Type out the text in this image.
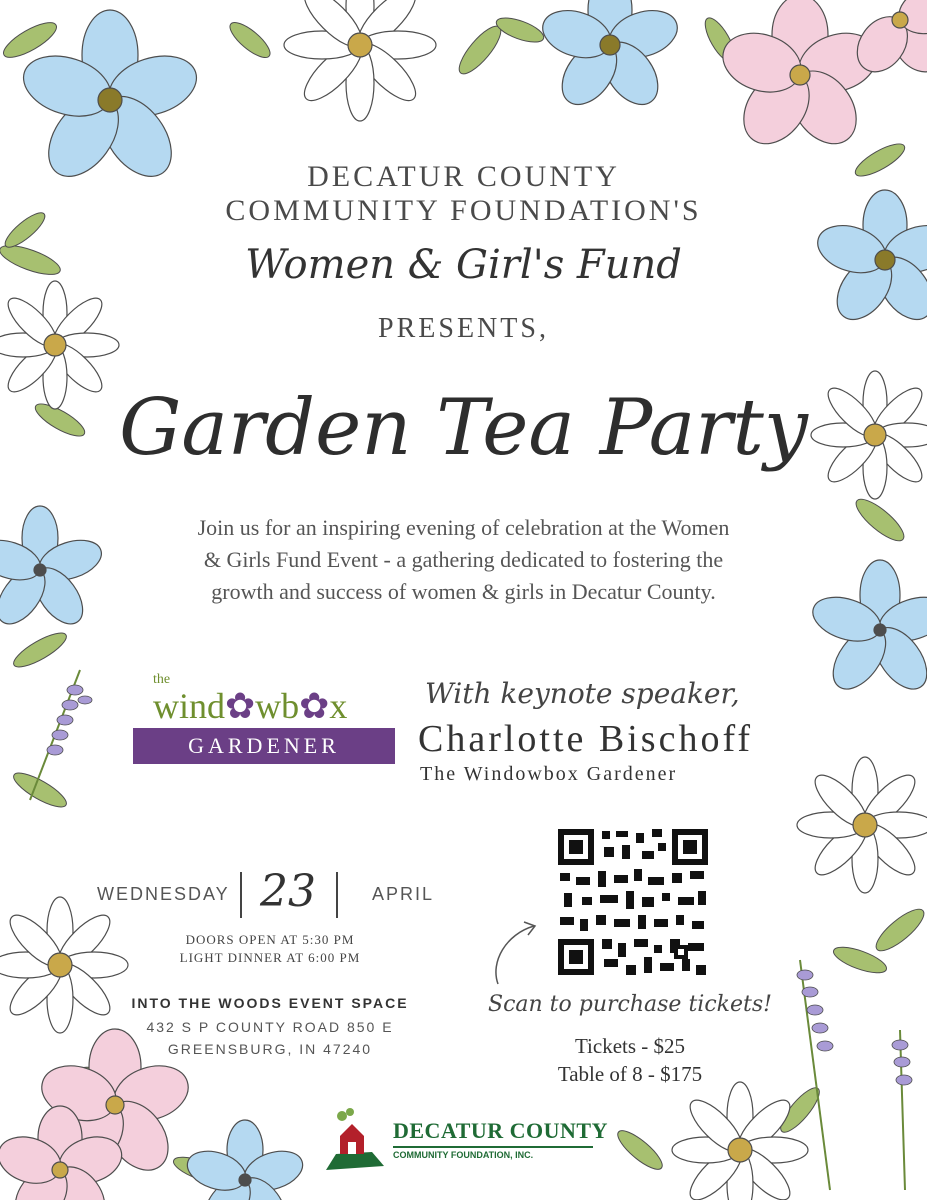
DECATUR COUNTY
COMMUNITY FOUNDATION'S
Women & Girl's Fund
PRESENTS,
Garden Tea Party
Join us for an inspiring evening of celebration at the Women
& Girls Fund Event - a gathering dedicated to fostering the
growth and success of women & girls in Decatur County.
the
wind✿wb✿x
GARDENER
With keynote speaker,
Charlotte Bischoff
The Windowbox Gardener
WEDNESDAY 23	APRIL
DOORS OPEN AT 5:30 PM
LIGHT DINNER AT 6:00 PM
INTO THE WOODS EVENT SPACE
432 S P COUNTY ROAD 850 E
GREENSBURG, IN 47240
Scan to purchase tickets!
Tickets - $25
Table of 8 - $175
DECATUR COUNTY
COMMUNITY FOUNDATION, INC.
